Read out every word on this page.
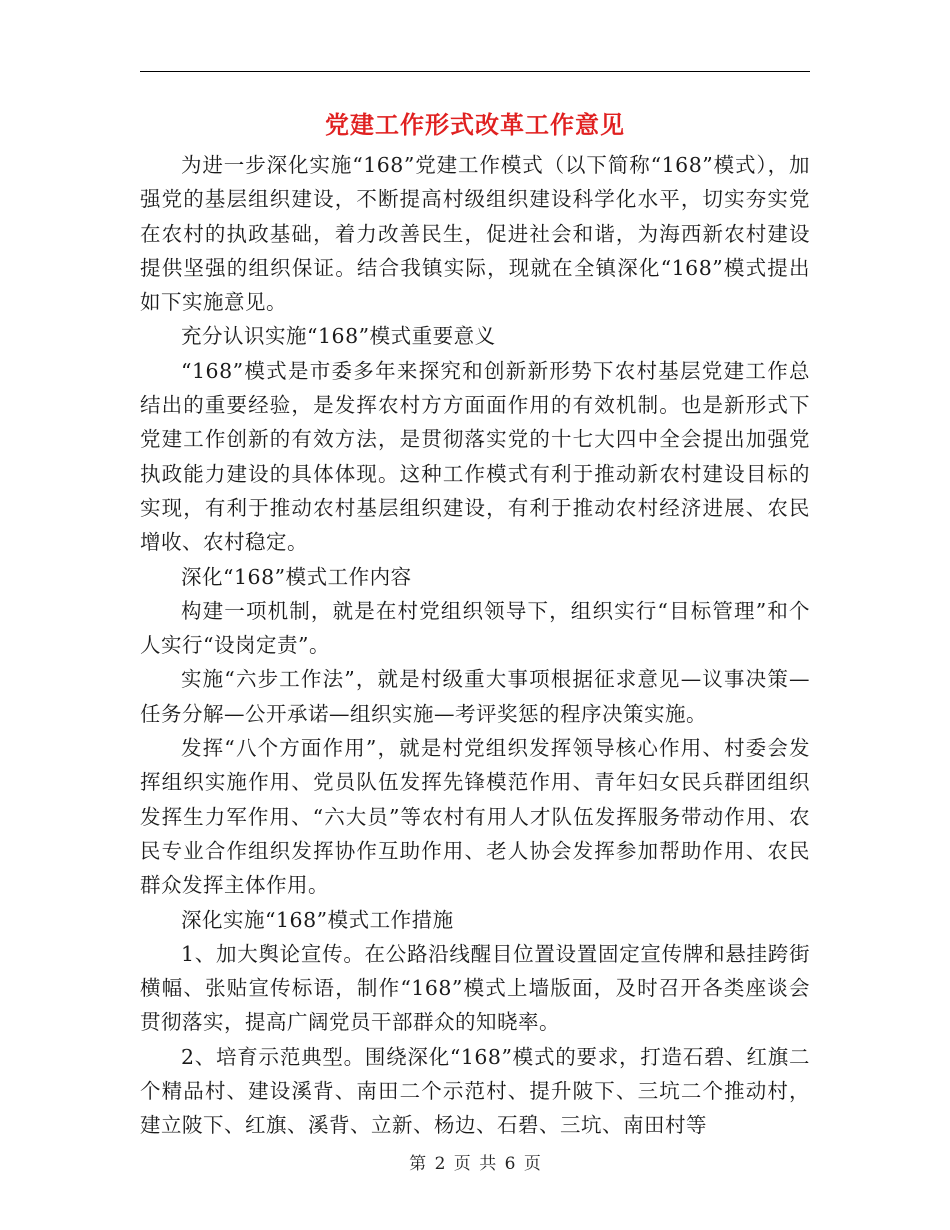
党建工作形式改革工作意见

为进一步深化实施“168”党建工作模式（以下简称“168”模式），加强党的基层组织建设，不断提高村级组织建设科学化水平，切实夯实党在农村的执政基础，着力改善民生，促进社会和谐，为海西新农村建设提供坚强的组织保证。结合我镇实际，现就在全镇深化“168”模式提出如下实施意见。

充分认识实施“168”模式重要意义

“168”模式是市委多年来探究和创新新形势下农村基层党建工作总结出的重要经验，是发挥农村方方面面作用的有效机制。也是新形式下党建工作创新的有效方法，是贯彻落实党的十七大四中全会提出加强党执政能力建设的具体体现。这种工作模式有利于推动新农村建设目标的实现，有利于推动农村基层组织建设，有利于推动农村经济进展、农民增收、农村稳定。

深化“168”模式工作内容

构建一项机制，就是在村党组织领导下，组织实行“目标管理”和个人实行“设岗定责”。

实施“六步工作法”，就是村级重大事项根据征求意见—议事决策—任务分解—公开承诺—组织实施—考评奖惩的程序决策实施。

发挥“八个方面作用”，就是村党组织发挥领导核心作用、村委会发挥组织实施作用、党员队伍发挥先锋模范作用、青年妇女民兵群团组织发挥生力军作用、“六大员”等农村有用人才队伍发挥服务带动作用、农民专业合作组织发挥协作互助作用、老人协会发挥参加帮助作用、农民群众发挥主体作用。

深化实施“168”模式工作措施

1、加大舆论宣传。在公路沿线醒目位置设置固定宣传牌和悬挂跨街横幅、张贴宣传标语，制作“168”模式上墙版面，及时召开各类座谈会贯彻落实，提高广阔党员干部群众的知晓率。

2、培育示范典型。围绕深化“168”模式的要求，打造石碧、红旗二个精品村、建设溪背、南田二个示范村、提升陂下、三坑二个推动村，建立陂下、红旗、溪背、立新、杨边、石碧、三坑、南田村等

第 2 页 共 6 页
